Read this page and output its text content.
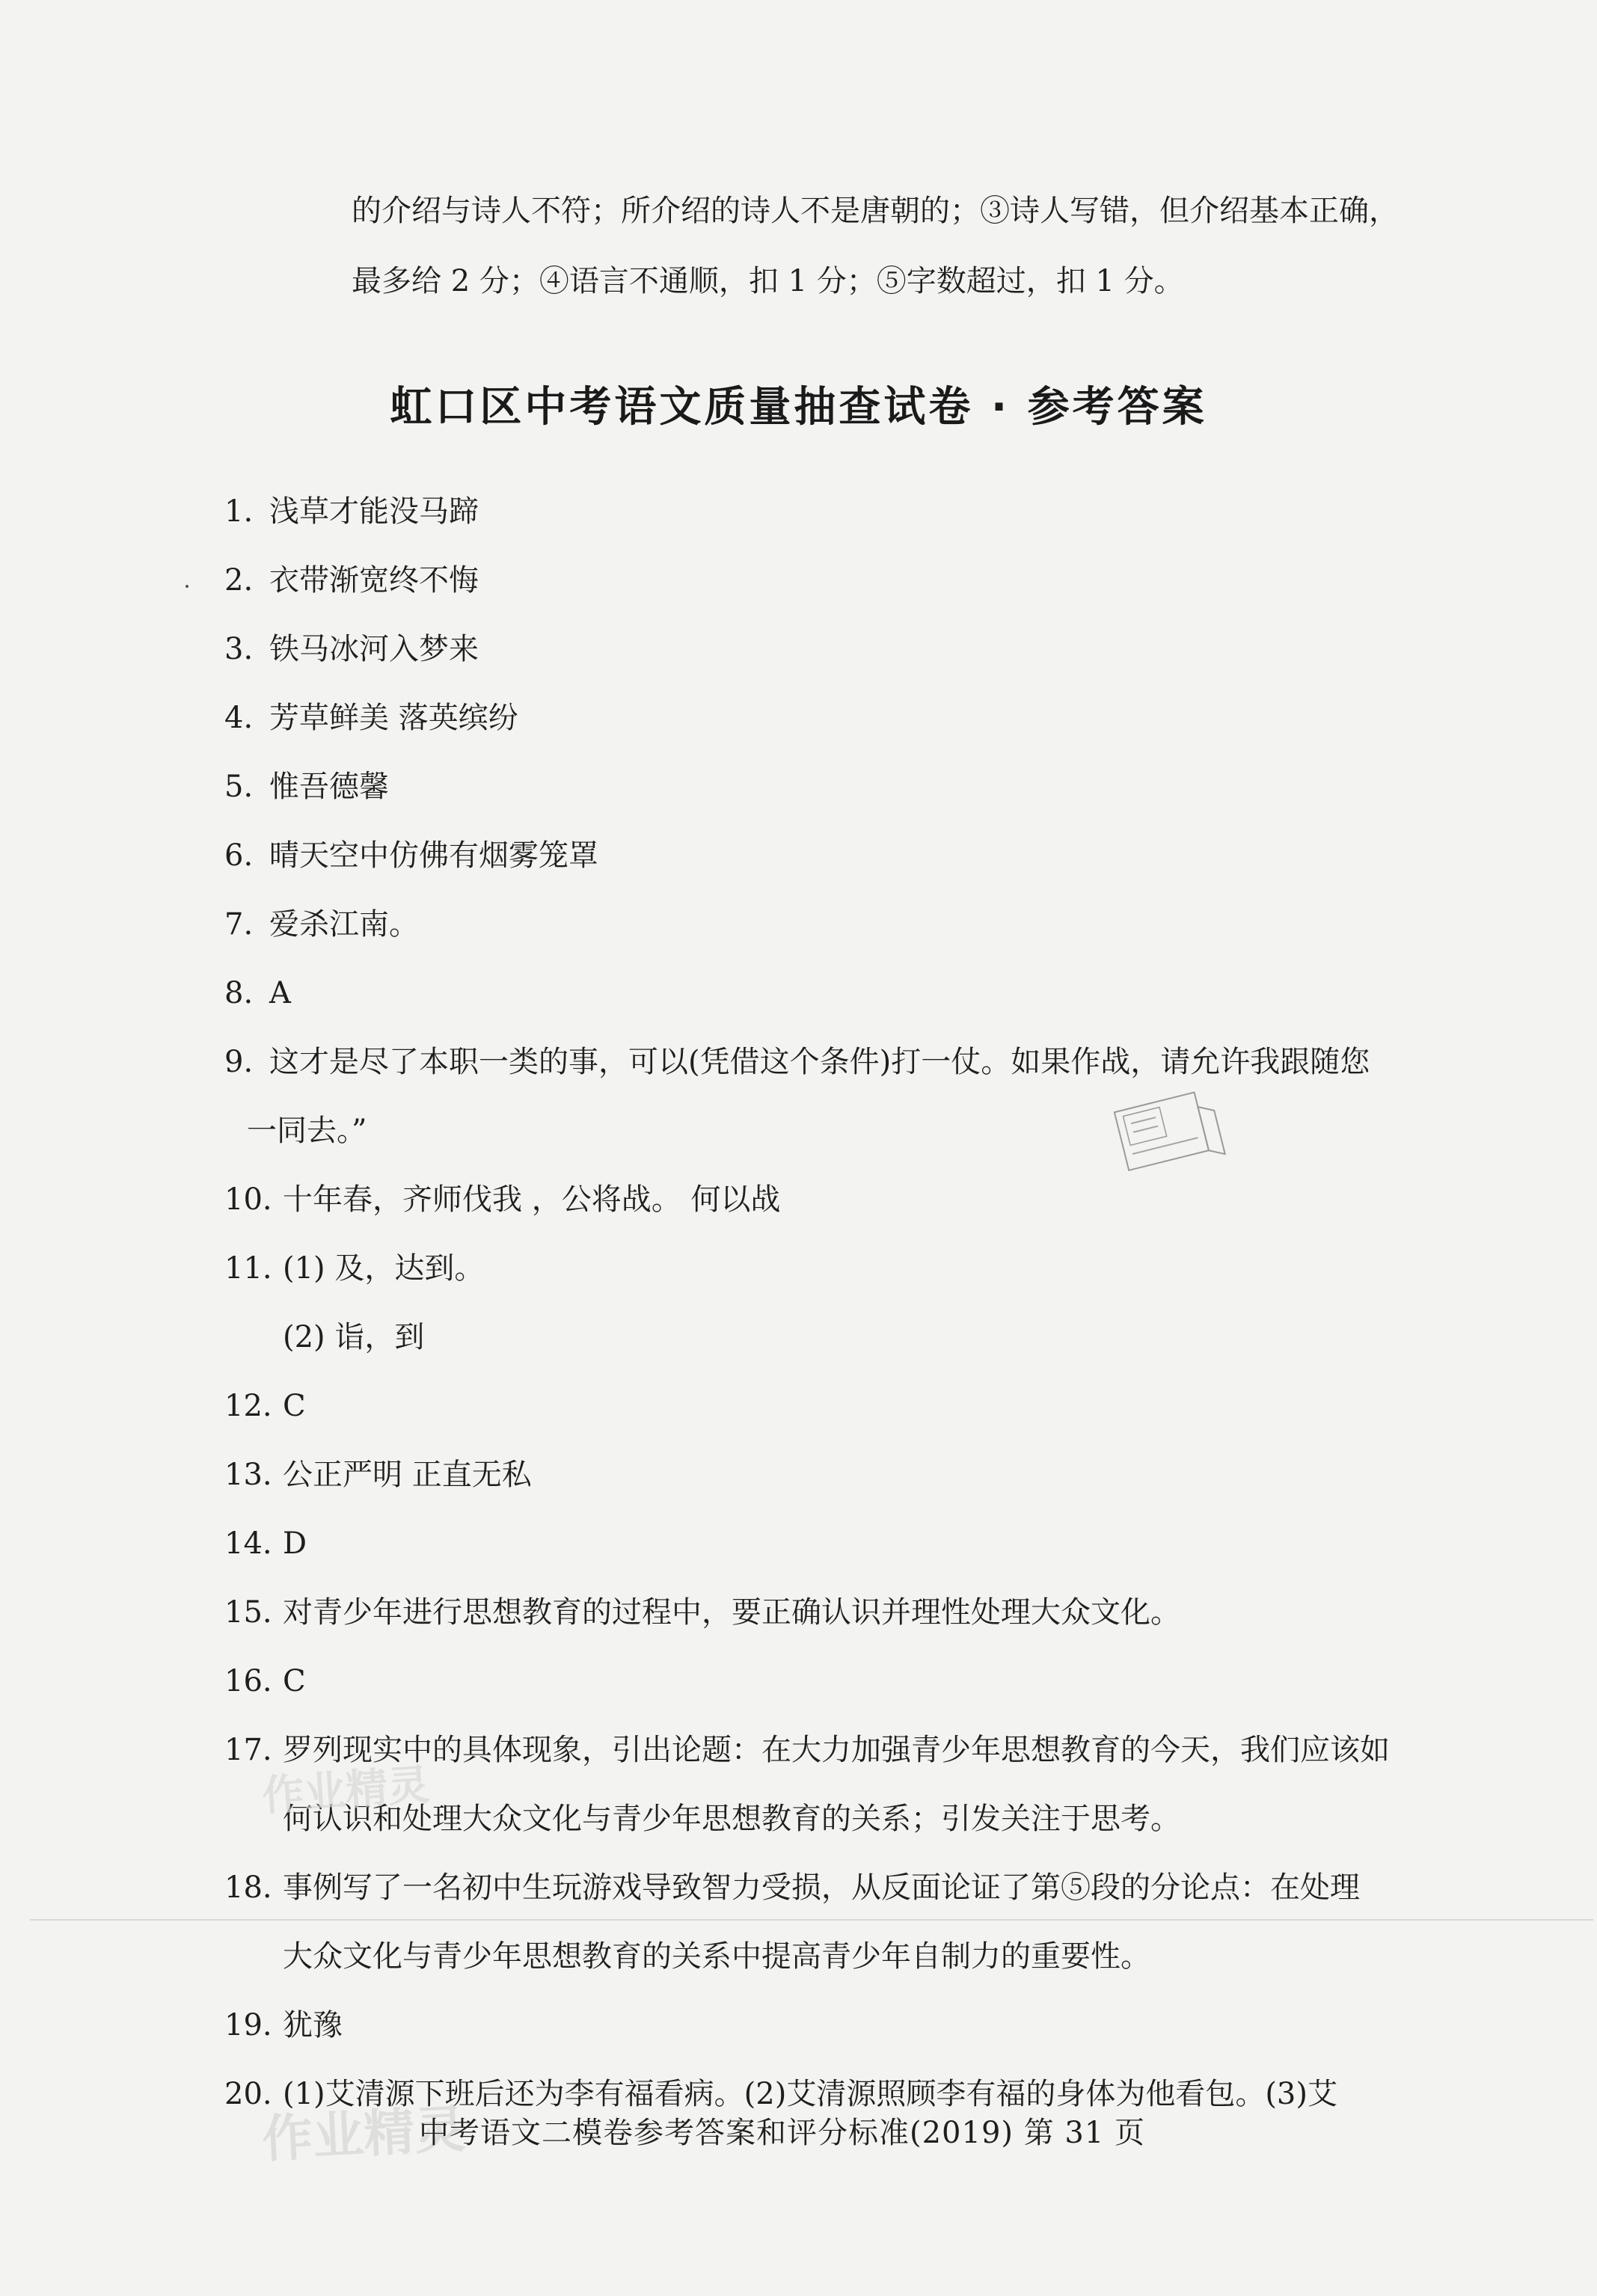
的介绍与诗人不符；所介绍的诗人不是唐朝的；③诗人写错，但介绍基本正确，
最多给 2 分；④语言不通顺，扣 1 分；⑤字数超过，扣 1 分。
虹口区中考语文质量抽查试卷 · 参考答案
1. 浅草才能没马蹄
2. 衣带渐宽终不悔
3. 铁马冰河入梦来
4. 芳草鲜美 落英缤纷
5. 惟吾德馨
6. 晴天空中仿佛有烟雾笼罩
7. 爱杀江南。
8. A
9. 这才是尽了本职一类的事，可以(凭借这个条件)打一仗。如果作战，请允许我跟随您
一同去。”
10. 十年春，齐师伐我 ，公将战。 何以战
11. (1) 及，达到。
(2) 诣，到
12. C
13. 公正严明 正直无私
14. D
15. 对青少年进行思想教育的过程中，要正确认识并理性处理大众文化。
16. C
17. 罗列现实中的具体现象，引出论题：在大力加强青少年思想教育的今天，我们应该如
何认识和处理大众文化与青少年思想教育的关系；引发关注于思考。
18. 事例写了一名初中生玩游戏导致智力受损，从反面论证了第⑤段的分论点：在处理
大众文化与青少年思想教育的关系中提高青少年自制力的重要性。
19. 犹豫
20. (1)艾清源下班后还为李有福看病。(2)艾清源照顾李有福的身体为他看包。(3)艾
作业精灵
作业精灵
中考语文二模卷参考答案和评分标准(2019) 第 31 页
